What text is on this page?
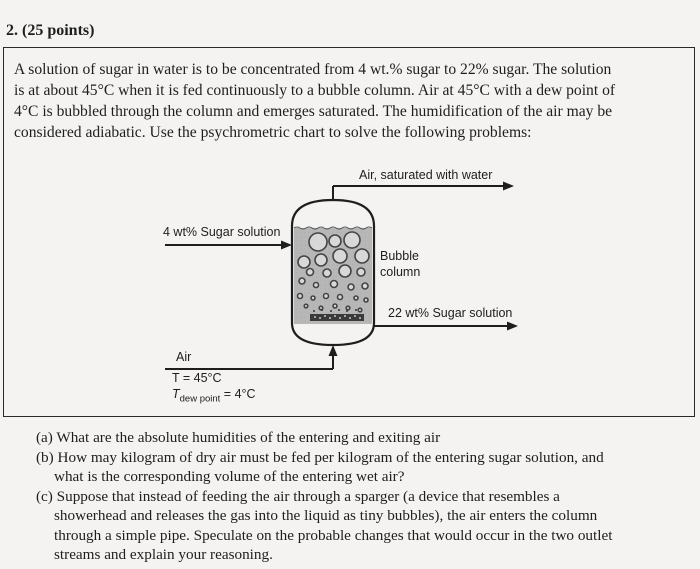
2. (25 points)
A solution of sugar in water is to be concentrated from 4 wt.% sugar to 22% sugar. The solution
is at about 45°C when it is fed continuously to a bubble column. Air at 45°C with a dew point of
4°C is bubbled through the column and emerges saturated. The humidification of the air may be
considered adiabatic. Use the psychrometric chart to solve the following problems:
Air, saturated with water
4 wt% Sugar solution
Bubble
column
22 wt% Sugar solution
Air
T = 45°C
$T_{dew point} = 4^\circ C$
(a) What are the absolute humidities of the entering and exiting air
(b) How may kilogram of dry air must be fed per kilogram of the entering sugar solution, and
what is the corresponding volume of the entering wet air?
(c) Suppose that instead of feeding the air through a sparger (a device that resembles a
showerhead and releases the gas into the liquid as tiny bubbles), the air enters the column
through a simple pipe. Speculate on the probable changes that would occur in the two outlet
streams and explain your reasoning.
